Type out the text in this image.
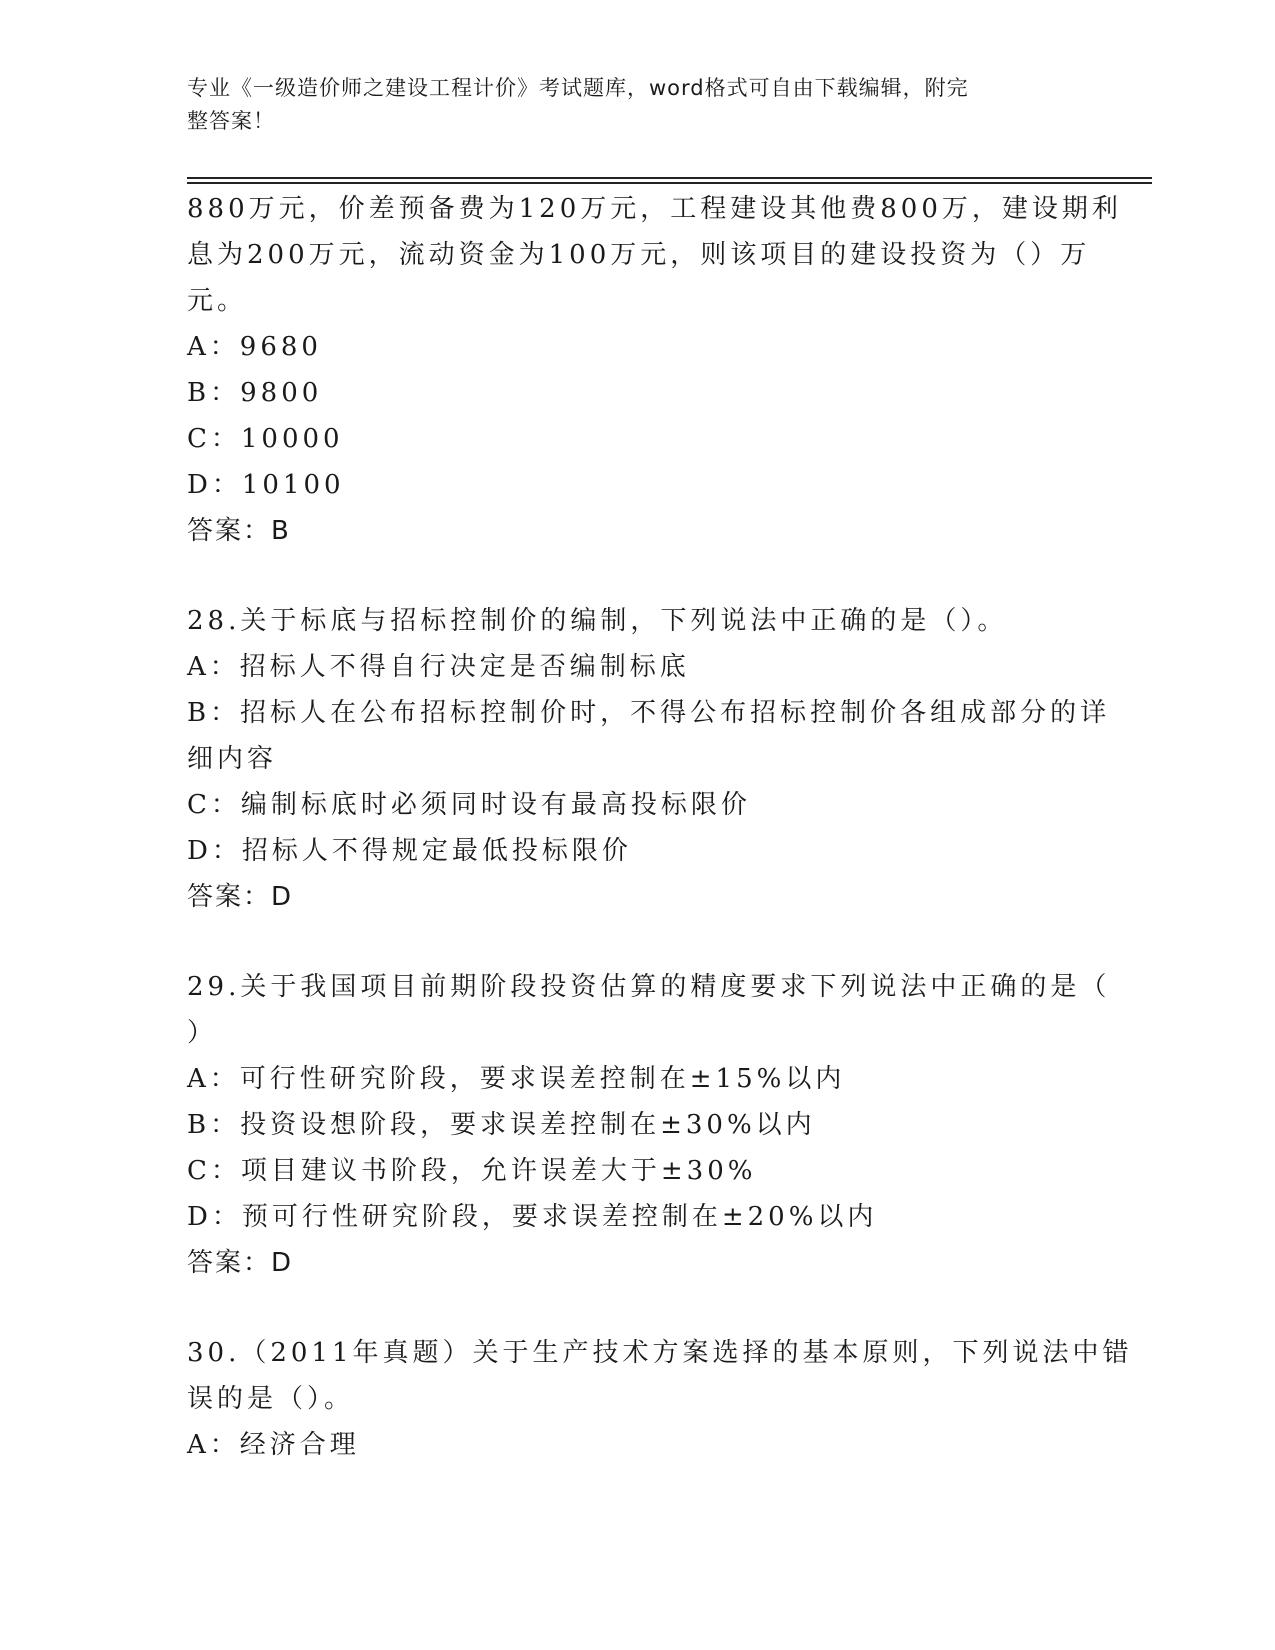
专业《一级造价师之建设工程计价》考试题库，word格式可自由下载编辑，附完
整答案！
880万元，价差预备费为120万元，工程建设其他费800万，建设期利
息为200万元，流动资金为100万元，则该项目的建设投资为（）万
元。
A：9680
B：9800
C：10000
D：10100
答案：B
28.关于标底与招标控制价的编制，下列说法中正确的是（）。
A：招标人不得自行决定是否编制标底
B：招标人在公布招标控制价时，不得公布招标控制价各组成部分的详
细内容
C：编制标底时必须同时设有最高投标限价
D：招标人不得规定最低投标限价
答案：D
29.关于我国项目前期阶段投资估算的精度要求下列说法中正确的是（
）
A：可行性研究阶段，要求误差控制在±15%以内
B：投资设想阶段，要求误差控制在±30%以内
C：项目建议书阶段，允许误差大于±30%
D：预可行性研究阶段，要求误差控制在±20%以内
答案：D
30.（2011年真题）关于生产技术方案选择的基本原则，下列说法中错
误的是（）。
A：经济合理
